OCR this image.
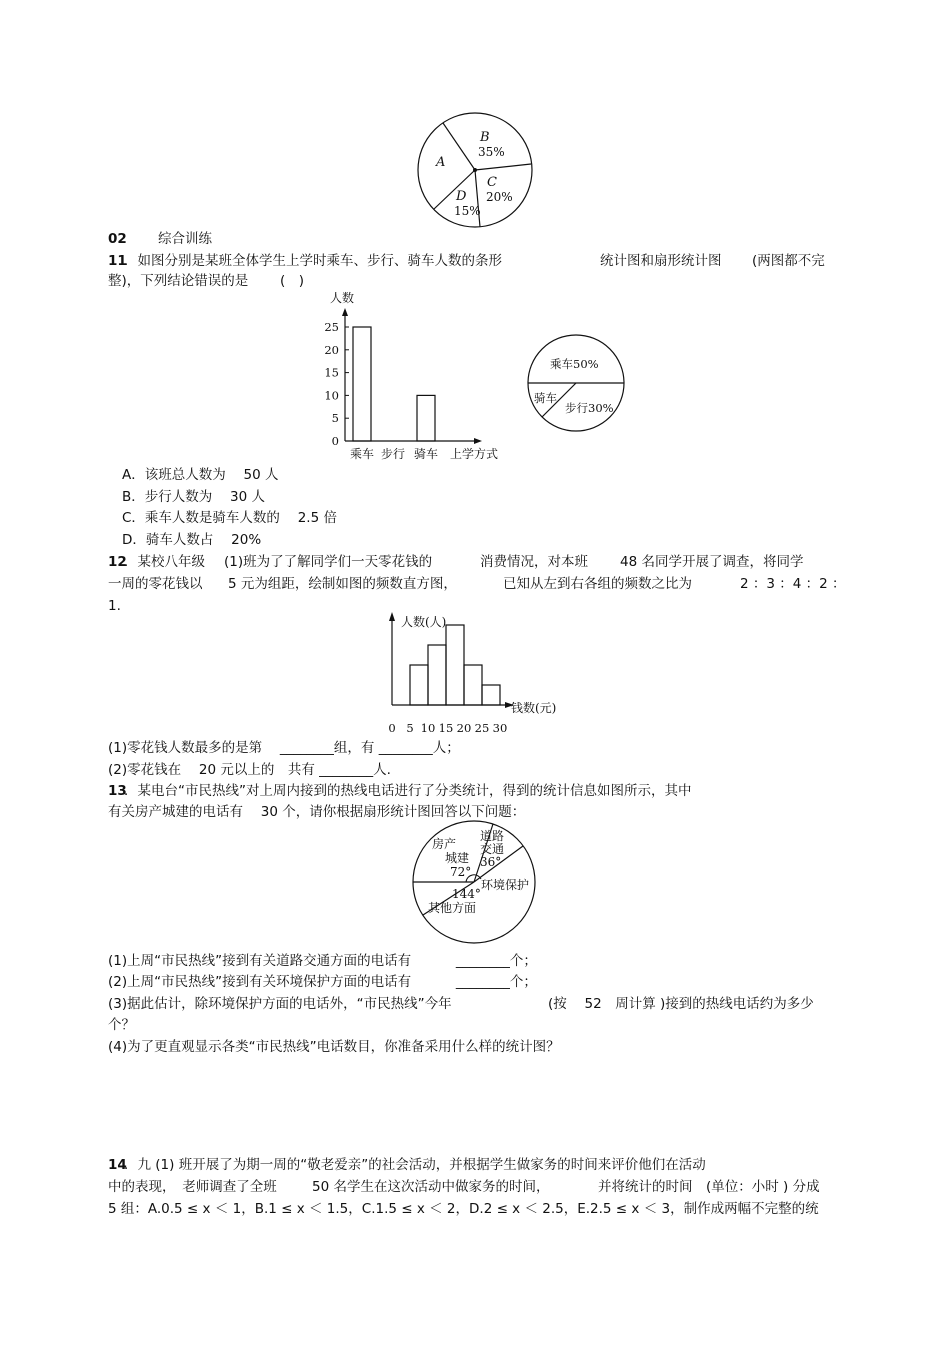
A
B
35%
C
20%
D
15%
02 综合训练
11
．如图分别是某班全体学生上学时乘车、步行、骑车人数的条形	统计图和扇形统计图 (两图都不完
整)，下列结论错误的是 (　)
人数
0
5
10
15
20
25
乘车 步行 骑车 上学方式
乘车50%
骑车
步行30%
A．该班总人数为　 50 人
B．步行人数为　 30 人
C．乘车人数是骑车人数的　 2.5 倍
D．骑车人数占　 20%
12
．某校八年级 (1)班为了了解同学们一天零花钱的	消费情况，对本班 48 名同学开展了调查，将同学
一周的零花钱以 5 元为组距，绘制如图的频数直方图，	已知从左到右各组的频数之比为	2 ：3 ：4 ：2 ：
1.
人数(人)
钱数(元)
0 5 10 15 20 25 30
(1)零花钱人数最多的是第　 ________组，有 ________人；
(2)零花钱在　 20 元以上的　共有 ________人.
13
．某电台“市民热线”对上周内接到的热线电话进行了分类统计，得到的统计信息如图所示，其中
有关房产城建的电话有　 30 个，请你根据扇形统计图回答以下问题：
房产
城建
72°
道路
交通
36°
环境保护
144°
其他方面
(1)上周“市民热线”接到有关道路交通方面的电话有　　　 ________个；
(2)上周“市民热线”接到有关环境保护方面的电话有　　　 ________个；
(3)据此估计，除环境保护方面的电话外，“市民热线”今年	(按　 52　周计算 )接到的热线电话约为多少
个？
(4)为了更直观显示各类“市民热线”电话数目，你准备采用什么样的统计图？
14
．九 (1) 班开展了为期一周的“敬老爱亲”的社会活动，并根据学生做家务的时间来评价他们在活动
中的表现，　老师调查了全班	50 名学生在这次活动中做家务的时间，	并将统计的时间　(单位：小时 ) 分成
5 组：A.0.5 ≤ x ＜ 1，B.1 ≤ x ＜ 1.5，C.1.5 ≤ x ＜ 2，D.2 ≤ x ＜ 2.5，E.2.5 ≤ x ＜ 3，制作成两幅不完整的统
